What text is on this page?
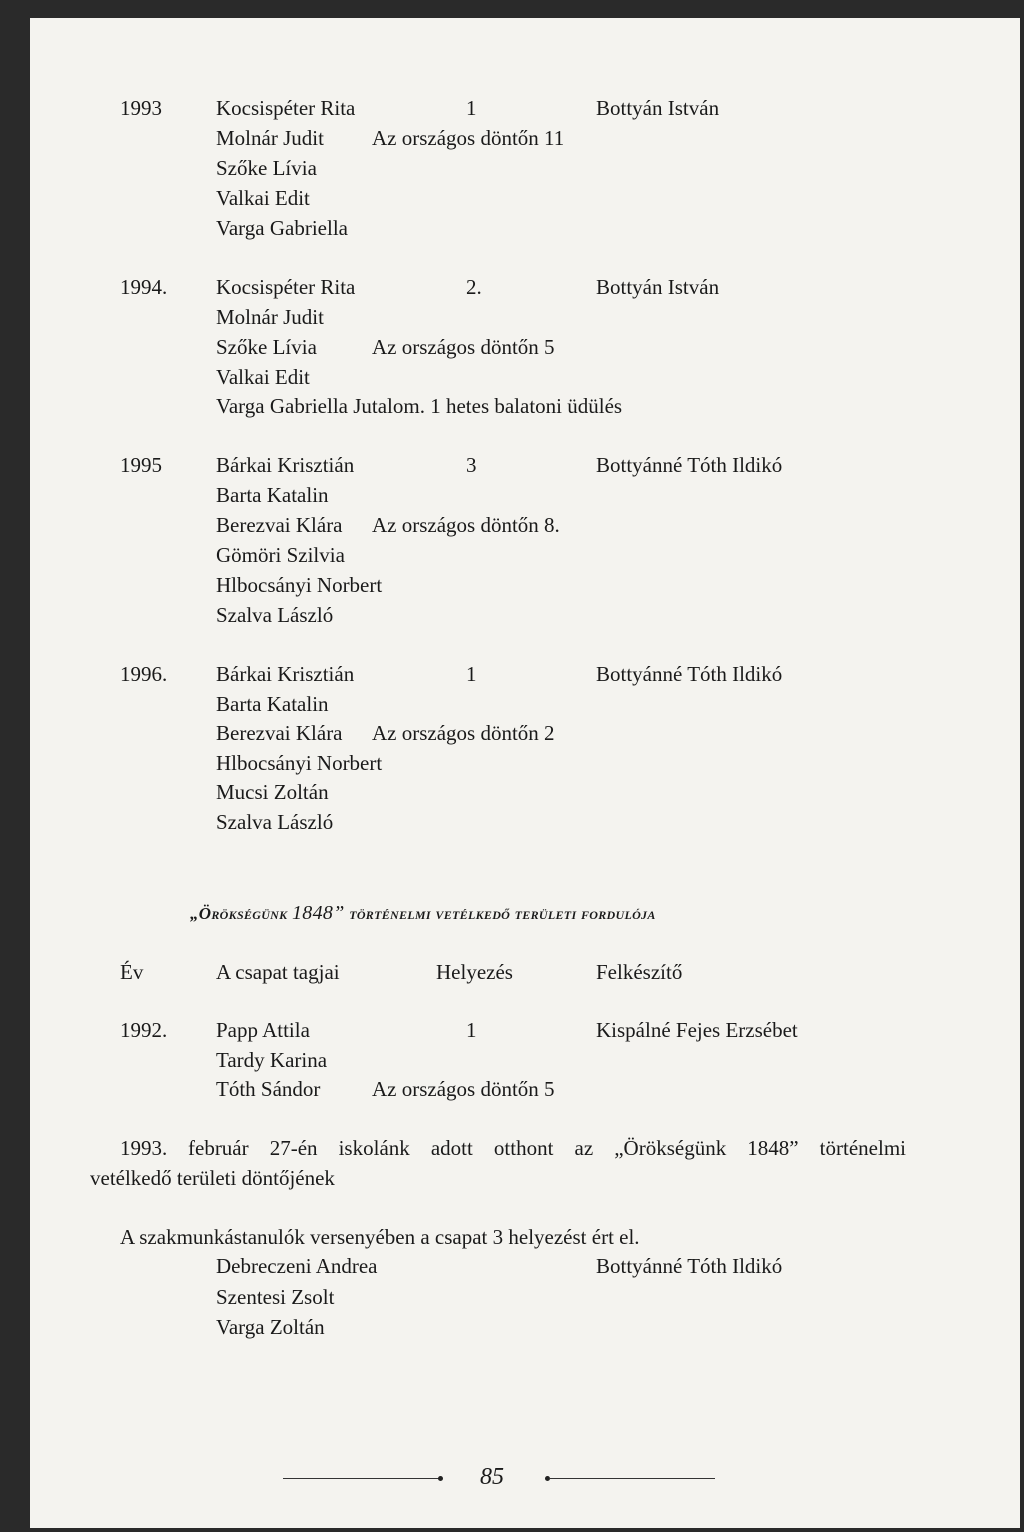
1993	Kocsispéter Rita	1	Bottyán István
Molnár Judit Az országos döntőn 11
Szőke Lívia
Valkai Edit
Varga Gabriella
1994. Kocsispéter Rita	2.	Bottyán István
Molnár Judit
Szőke Lívia	Az országos döntőn 5
Valkai Edit
Varga Gabriella Jutalom. 1 hetes balatoni üdülés
1995	Bárkai Krisztián	3	Bottyánné Tóth Ildikó
Barta Katalin
Berezvai Klára Az országos döntőn 8.
Gömöri Szilvia
Hlbocsányi Norbert
Szalva László
1996. Bárkai Krisztián	1	Bottyánné Tóth Ildikó
Barta Katalin
Berezvai Klára Az országos döntőn 2
Hlbocsányi Norbert
Mucsi Zoltán
Szalva László
„Örökségünk 1848” történelmi vetélkedő területi fordulója
Év	A csapat tagjai	Helyezés	Felkészítő
1992. Papp Attila	1	Kispálné Fejes Erzsébet
Tardy Karina
Tóth Sándor Az országos döntőn 5
1993. február 27-én iskolánk adott otthont az „Örökségünk 1848” történelmi
vetélkedő területi döntőjének
A szakmunkástanulók versenyében a csapat 3 helyezést ért el.
Debreczeni Andrea	Bottyánné Tóth Ildikó
Szentesi Zsolt
Varga Zoltán
85
